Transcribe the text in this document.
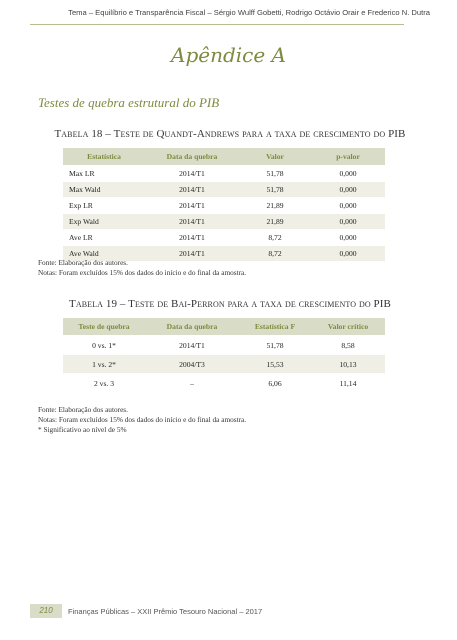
Tema – Equilíbrio e Transparência Fiscal – Sérgio Wulff Gobetti, Rodrigo Octávio Orair e Frederico N. Dutra
Apêndice A
Testes de quebra estrutural do PIB
Tabela 18 – Teste de Quandt-Andrews para a taxa de crescimento do PIB
Estatística	Data da quebra	Valor	p-valor
Max LR	2014/T1	51,78	0,000
Max Wald	2014/T1	51,78	0,000
Exp LR	2014/T1	21,89	0,000
Exp Wald	2014/T1	21,89	0,000
Ave LR	2014/T1	8,72	0,000
Ave Wald	2014/T1	8,72	0,000
Fonte: Elaboração dos autores.
Notas: Foram excluídos 15% dos dados do início e do final da amostra.
Tabela 19 – Teste de Bai-Perron para a taxa de crescimento do PIB
Teste de quebra	Data da quebra	Estatística F	Valor crítico
0 vs. 1*	2014/T1	51,78	8,58
1 vs. 2*	2004/T3	15,53	10,13
2 vs. 3	–	6,06	11,14
Fonte: Elaboração dos autores.
Notas: Foram excluídos 15% dos dados do início e do final da amostra.
* Significativo ao nível de 5%
210	Finanças Públicas – XXII Prêmio Tesouro Nacional – 2017
